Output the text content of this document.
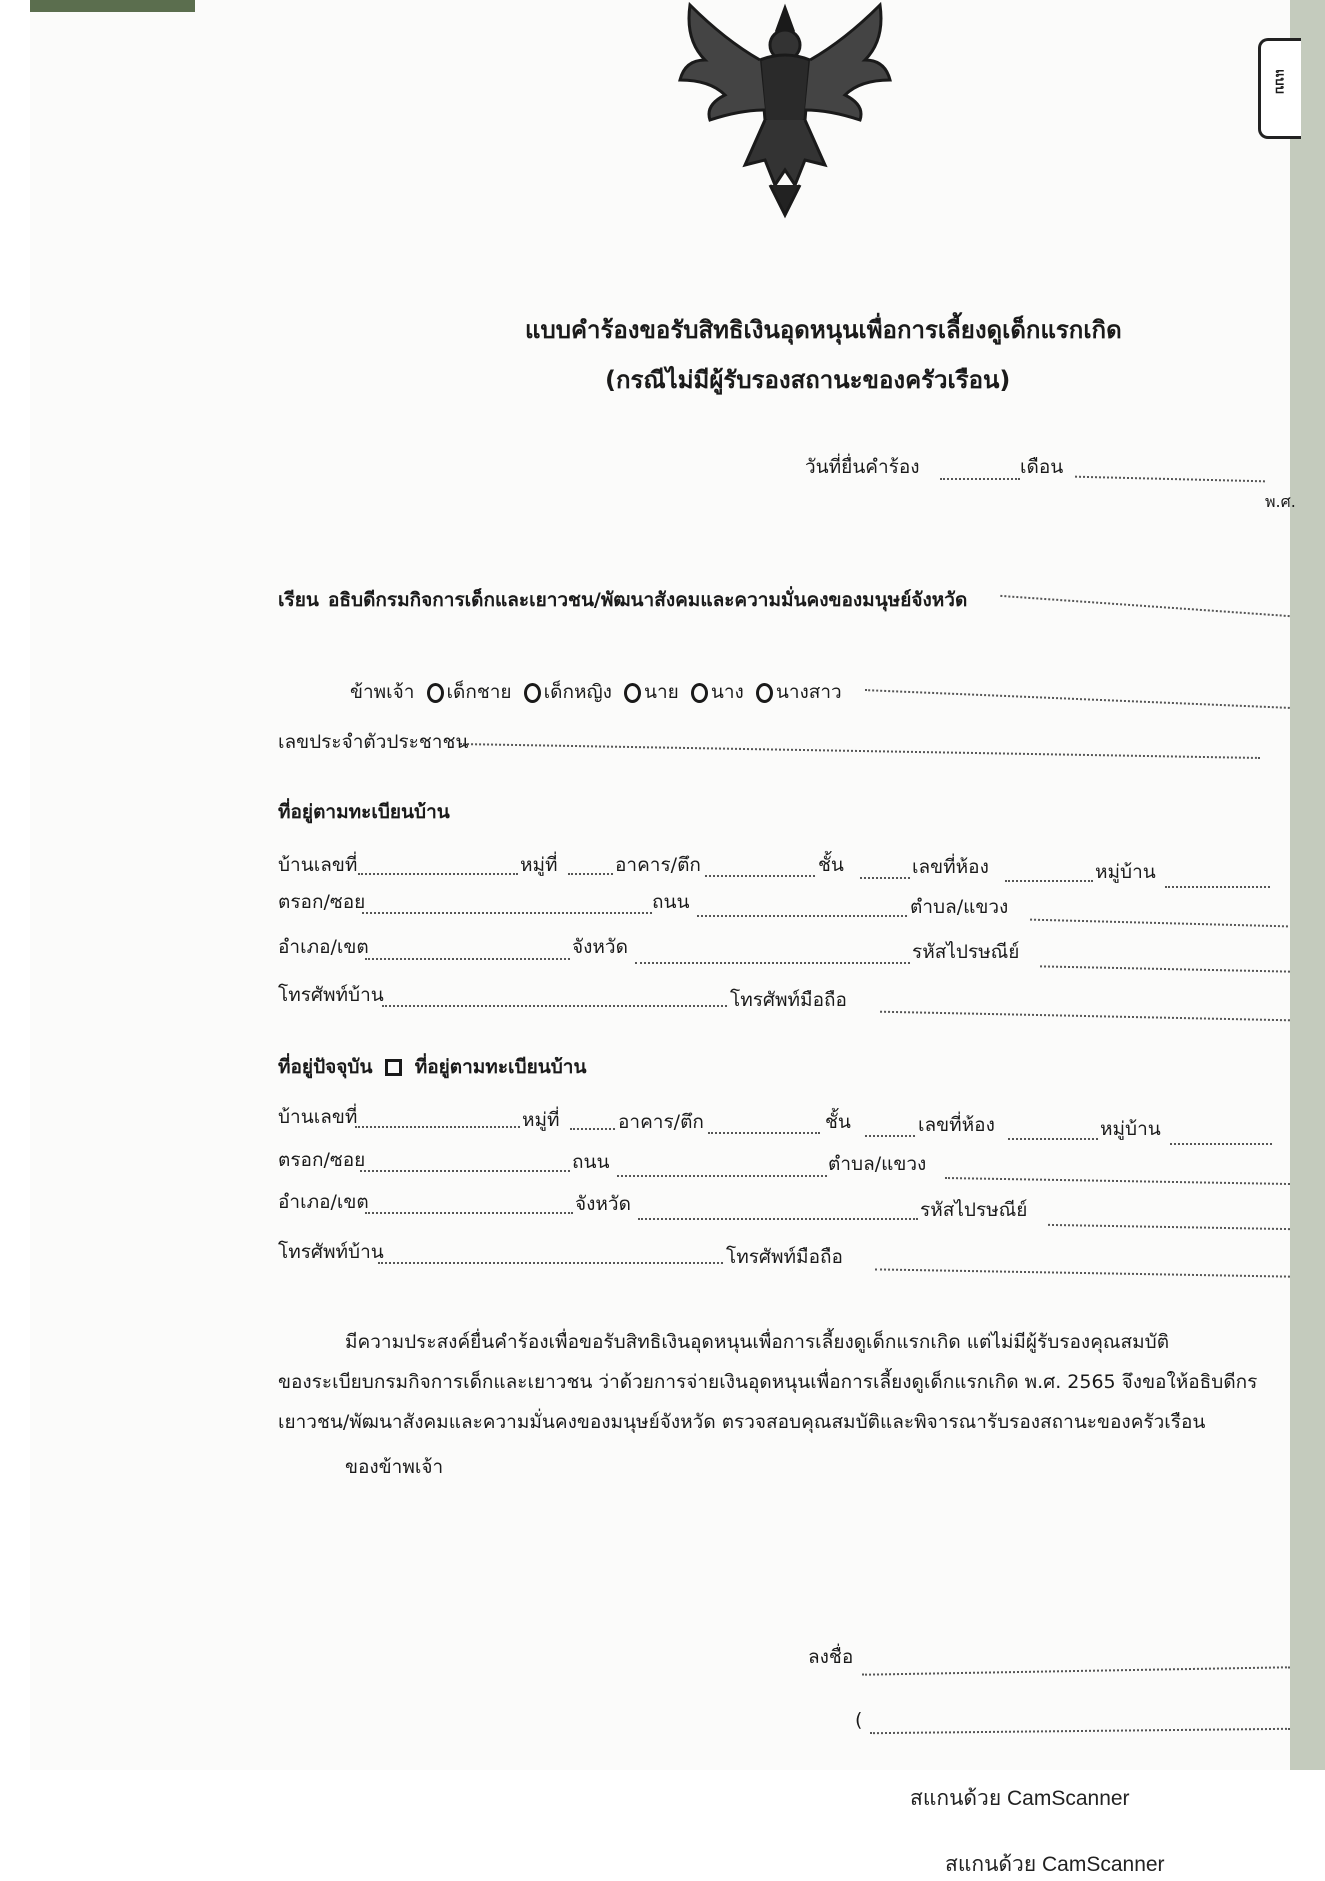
แบบ
แบบคำร้องขอรับสิทธิเงินอุดหนุนเพื่อการเลี้ยงดูเด็กแรกเกิด
(กรณีไม่มีผู้รับรองสถานะของครัวเรือน)
วันที่ยื่นคำร้อง	เดือน
พ.ศ.
เรียน อธิบดีกรมกิจการเด็กและเยาวชน/พัฒนาสังคมและความมั่นคงของมนุษย์จังหวัด
ข้าพเจ้า เด็กชาย เด็กหญิง นาย นาง นางสาว
เลขประจำตัวประชาชน
ที่อยู่ตามทะเบียนบ้าน
บ้านเลขที่	หมู่ที่	อาคาร/ตึก	ชั้น	เลขที่ห้อง	หมู่บ้าน
ตรอก/ซอย	ถนน	ตำบล/แขวง
อำเภอ/เขต	จังหวัด	รหัสไปรษณีย์
โทรศัพท์บ้าน	โทรศัพท์มือถือ
ที่อยู่ปัจจุบัน ที่อยู่ตามทะเบียนบ้าน
บ้านเลขที่	หมู่ที่	อาคาร/ตึก	ชั้น	เลขที่ห้อง	หมู่บ้าน
ตรอก/ซอย	ถนน	ตำบล/แขวง
อำเภอ/เขต	จังหวัด	รหัสไปรษณีย์
โทรศัพท์บ้าน	โทรศัพท์มือถือ
มีความประสงค์ยื่นคำร้องเพื่อขอรับสิทธิเงินอุดหนุนเพื่อการเลี้ยงดูเด็กแรกเกิด แต่ไม่มีผู้รับรองคุณสมบัติ
ของระเบียบกรมกิจการเด็กและเยาวชน ว่าด้วยการจ่ายเงินอุดหนุนเพื่อการเลี้ยงดูเด็กแรกเกิด พ.ศ. 2565 จึงขอให้อธิบดีกร
เยาวชน/พัฒนาสังคมและความมั่นคงของมนุษย์จังหวัด ตรวจสอบคุณสมบัติและพิจารณารับรองสถานะของครัวเรือน
ของข้าพเจ้า
ลงชื่อ
(
สแกนด้วย CamScanner
สแกนด้วย CamScanner
